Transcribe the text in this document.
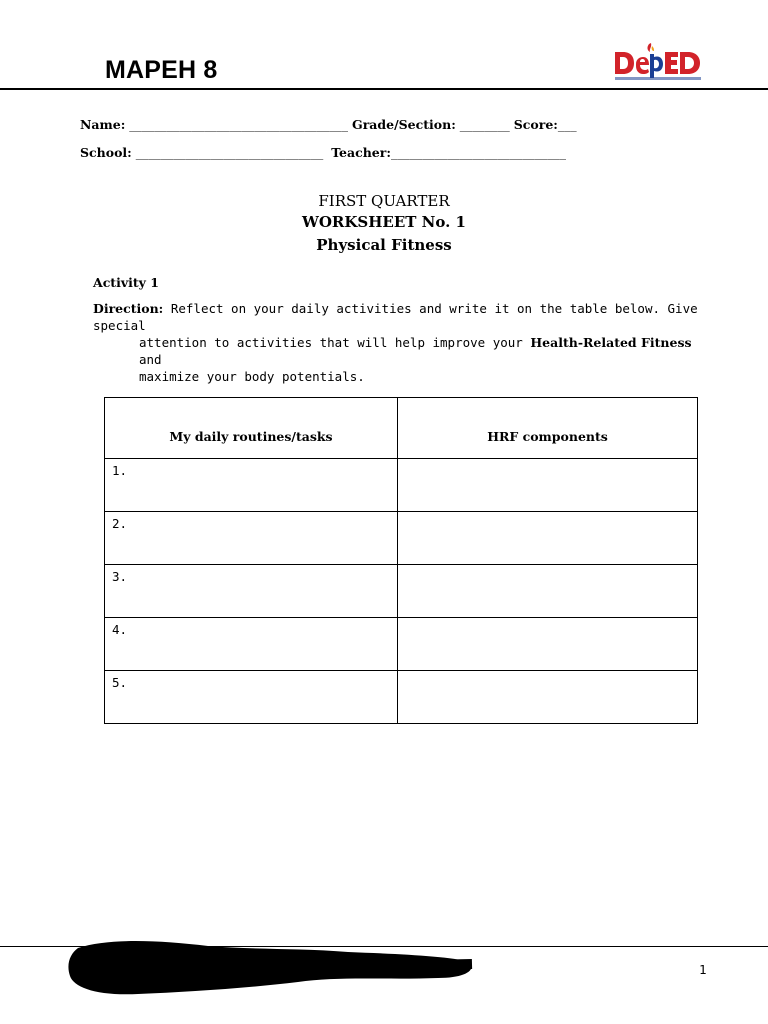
MAPEH 8
Name: ___________________________________ Grade/Section: ________ Score:___
School: ______________________________  Teacher:____________________________
FIRST QUARTER
WORKSHEET No. 1
Physical Fitness
Activity 1
Direction: Reflect on your daily activities and write it on the table below. Give special
attention to activities that will help improve your Health-Related Fitness and
maximize your body potentials.
My daily routines/tasks	HRF components
1.	
2.	
3.	
4.	
5.	
1
